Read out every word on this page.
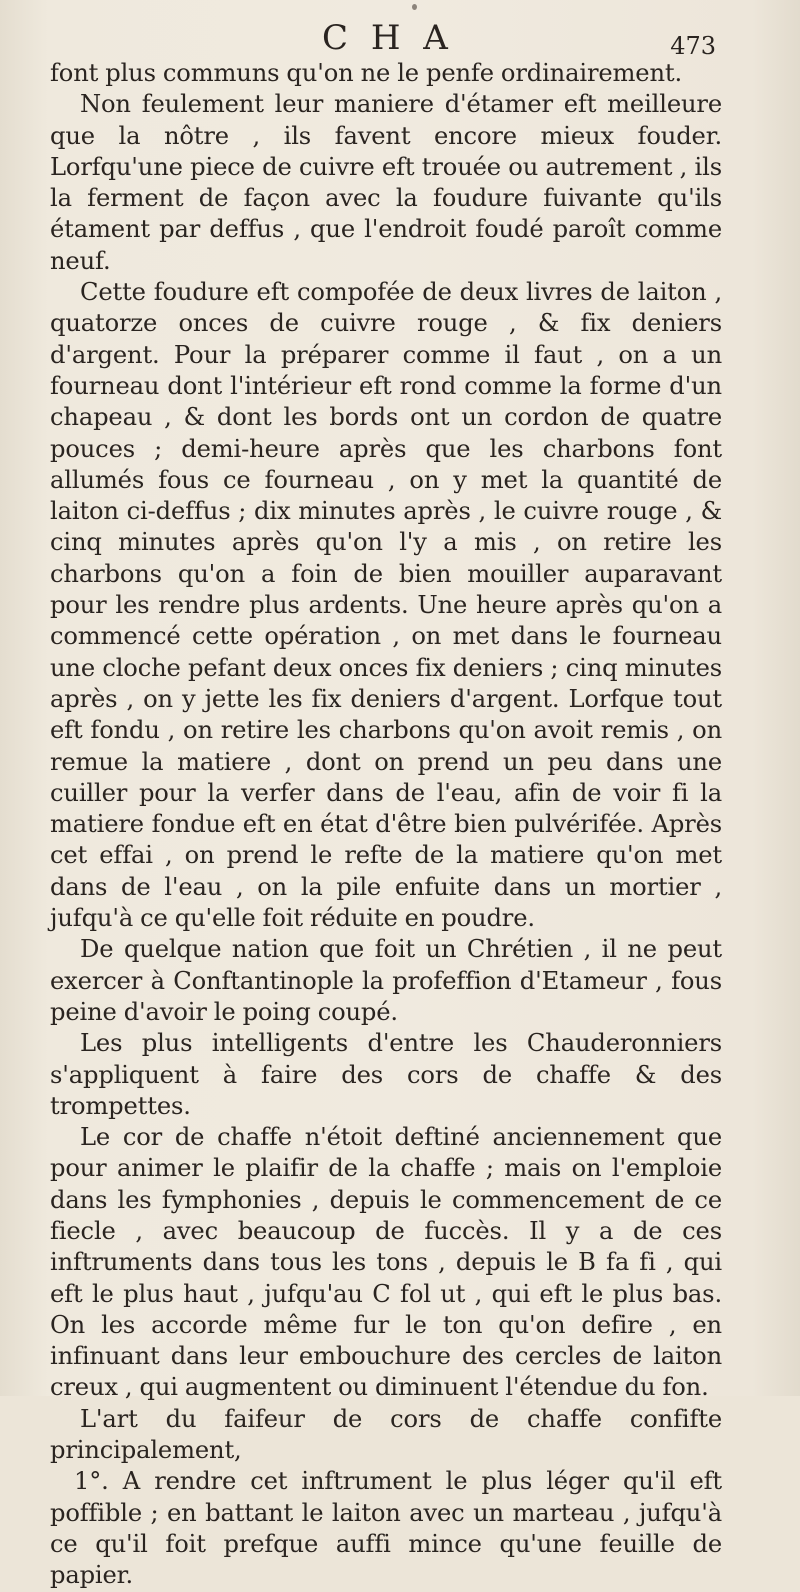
C H A	473

font plus communs qu'on ne le penfe ordinairement.

Non feulement leur maniere d'étamer eft meilleure que la nôtre , ils favent encore mieux fouder. Lorfqu'une piece de cuivre eft trouée ou autrement , ils la ferment de façon avec la foudure fuivante qu'ils étament par deffus , que l'endroit foudé paroît comme neuf.

Cette foudure eft compofée de deux livres de laiton , quatorze onces de cuivre rouge , & fix deniers d'argent. Pour la préparer comme il faut , on a un fourneau dont l'intérieur eft rond comme la forme d'un chapeau , & dont les bords ont un cordon de quatre pouces ; demi-heure après que les charbons font allumés fous ce fourneau , on y met la quantité de laiton ci-deffus ; dix minutes après , le cuivre rouge , & cinq minutes après qu'on l'y a mis , on retire les charbons qu'on a foin de bien mouiller auparavant pour les rendre plus ardents. Une heure après qu'on a commencé cette opération , on met dans le fourneau une cloche pefant deux onces fix deniers ; cinq minutes après , on y jette les fix deniers d'argent. Lorfque tout eft fondu , on retire les charbons qu'on avoit remis , on remue la matiere , dont on prend un peu dans une cuiller pour la verfer dans de l'eau, afin de voir fi la matiere fondue eft en état d'être bien pulvérifée. Après cet effai , on prend le refte de la matiere qu'on met dans de l'eau , on la pile enfuite dans un mortier , jufqu'à ce qu'elle foit réduite en poudre.

De quelque nation que foit un Chrétien , il ne peut exercer à Conftantinople la profeffion d'Etameur , fous peine d'avoir le poing coupé.

Les plus intelligents d'entre les Chauderonniers s'appliquent à faire des cors de chaffe & des trompettes.

Le cor de chaffe n'étoit deftiné anciennement que pour animer le plaifir de la chaffe ; mais on l'emploie dans les fymphonies , depuis le commencement de ce fiecle , avec beaucoup de fuccès. Il y a de ces inftruments dans tous les tons , depuis le B fa fi , qui eft le plus haut , jufqu'au C fol ut , qui eft le plus bas. On les accorde même fur le ton qu'on defire , en infinuant dans leur embouchure des cercles de laiton creux , qui augmentent ou diminuent l'étendue du fon.

L'art du faifeur de cors de chaffe confifte principalement,

1°. A rendre cet inftrument le plus léger qu'il eft poffible ; en battant le laiton avec un marteau , jufqu'à ce qu'il foit prefque auffi mince qu'une feuille de papier.
